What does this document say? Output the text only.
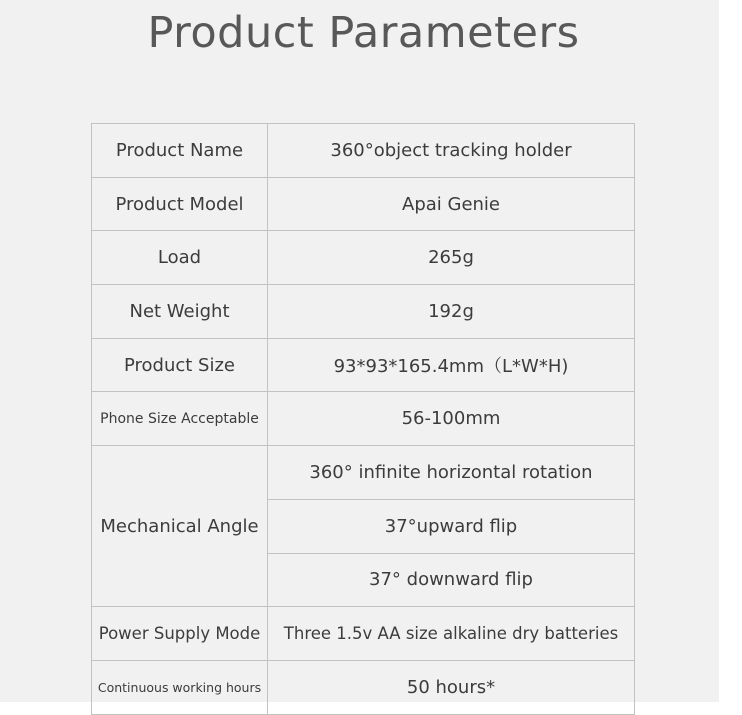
Product Parameters
Product Name	360°object tracking holder
Product Model	Apai Genie
Load	265g
Net Weight	192g
Product Size	93*93*165.4mm（L*W*H)
Phone Size Acceptable	56-100mm
Mechanical Angle	360° infinite horizontal rotation
	37°upward flip
	37° downward flip
Power Supply Mode	Three 1.5v AA size alkaline dry batteries
Continuous working hours	50 hours*
